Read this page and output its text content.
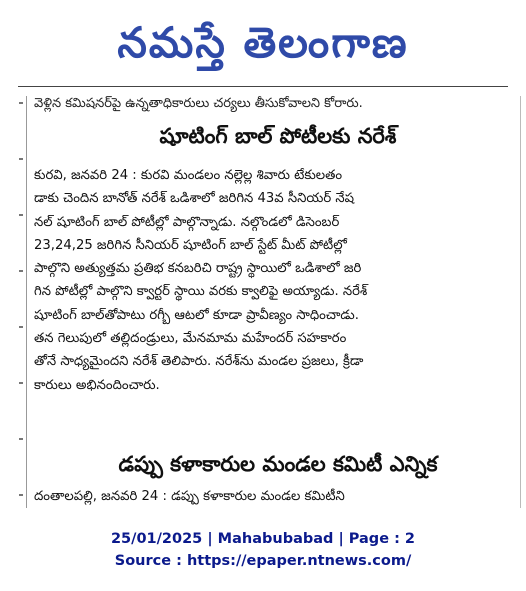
నమస్తే తెలంగాణ
వెళ్లిన కమిషనర్‌పై ఉన్నతాధికారులు చర్యలు తీసుకోవాలని కోరారు.
షూటింగ్ బాల్ పోటీలకు నరేశ్
కురవి, జనవరి 24 : కురవి మండలం నల్లెల్ల శివారు టేకులతం
డాకు చెందిన బానోత్ నరేశ్ ఒడిశాలో జరిగిన 43వ సీనియర్ నేష
నల్ షూటింగ్ బాల్ పోటీల్లో పాల్గొన్నాడు. నల్గొండలో డిసెంబర్
23,24,25 జరిగిన సీనియర్ షూటింగ్ బాల్ స్టేట్ మీట్ పోటీల్లో
పాల్గొని అత్యుత్తమ ప్రతిభ కనబరిచి రాష్ట్ర స్థాయిలో ఒడిశాలో జరి
గిన పోటీల్లో పాల్గొని క్వార్టర్ స్థాయి వరకు క్వాలిఫై అయ్యాడు. నరేశ్
షూటింగ్ బాల్‌తోపాటు రగ్బీ ఆటలో కూడా ప్రావీణ్యం సాధించాడు.
తన గెలుపులో తల్లిదండ్రులు, మేనమామ మహేందర్ సహకారం
తోనే సాధ్యమైందని నరేశ్ తెలిపారు. నరేశ్‌ను మండల ప్రజలు, క్రీడా
కారులు అభినందించారు.
డప్పు కళాకారుల మండల కమిటీ ఎన్నిక
దంతాలపల్లి, జనవరి 24 : డప్పు కళాకారుల మండల కమిటీని
25/01/2025 | Mahabubabad | Page : 2
Source : https://epaper.ntnews.com/
